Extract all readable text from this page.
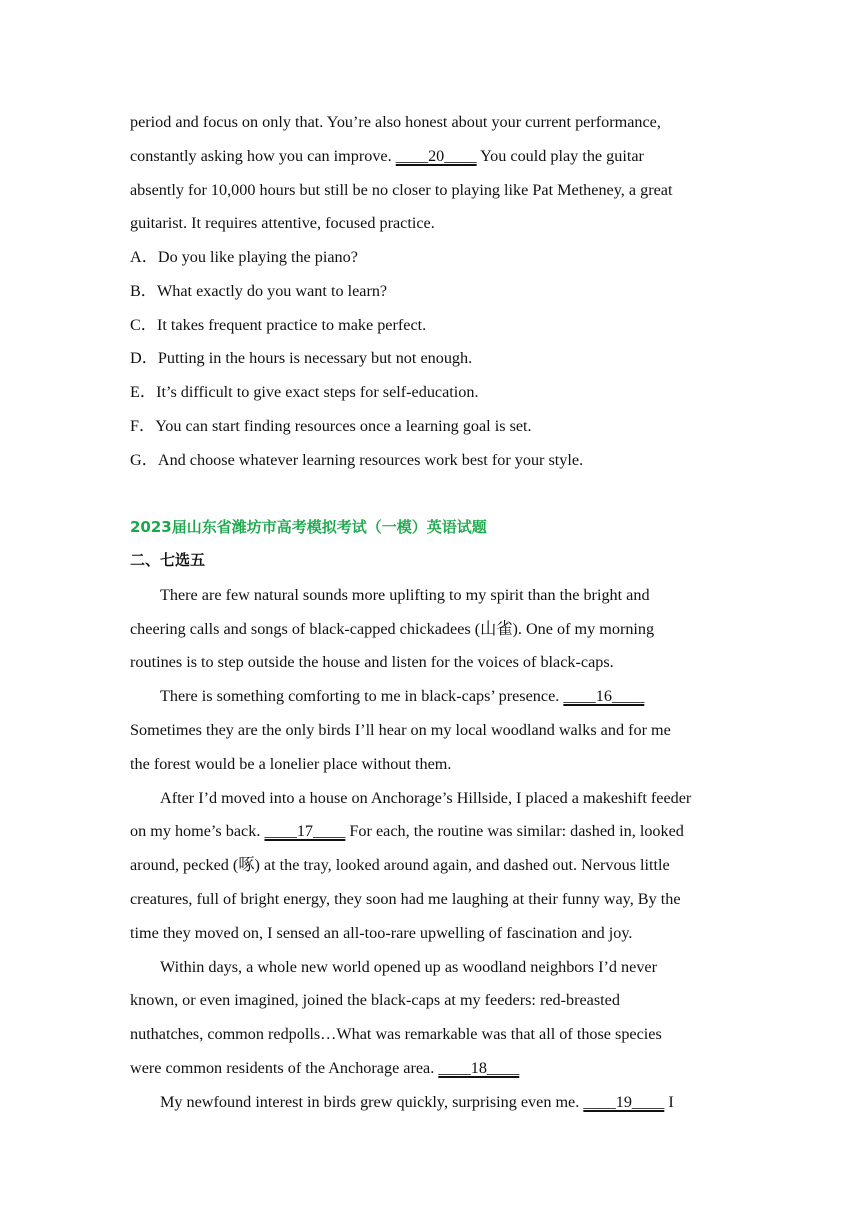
period and focus on only that. You’re also honest about your current performance,
constantly asking how you can improve. ____20____ You could play the guitar
absently for 10,000 hours but still be no closer to playing like Pat Metheney, a great
guitarist. It requires attentive, focused practice.
A．Do you like playing the piano?
B．What exactly do you want to learn?
C．It takes frequent practice to make perfect.
D．Putting in the hours is necessary but not enough.
E．It’s difficult to give exact steps for self-education.
F．You can start finding resources once a learning goal is set.
G．And choose whatever learning resources work best for your style.
2023届山东省潍坊市高考模拟考试（一模）英语试题
二、七选五
There are few natural sounds more uplifting to my spirit than the bright and
cheering calls and songs of black-capped chickadees (山雀). One of my morning
routines is to step outside the house and listen for the voices of black-caps.
There is something comforting to me in black-caps’ presence. ____16____
Sometimes they are the only birds I’ll hear on my local woodland walks and for me
the forest would be a lonelier place without them.
After I’d moved into a house on Anchorage’s Hillside, I placed a makeshift feeder
on my home’s back. ____17____ For each, the routine was similar: dashed in, looked
around, pecked (啄) at the tray, looked around again, and dashed out. Nervous little
creatures, full of bright energy, they soon had me laughing at their funny way, By the
time they moved on, I sensed an all-too-rare upwelling of fascination and joy.
Within days, a whole new world opened up as woodland neighbors I’d never
known, or even imagined, joined the black-caps at my feeders: red-breasted
nuthatches, common redpolls…What was remarkable was that all of those species
were common residents of the Anchorage area. ____18____
My newfound interest in birds grew quickly, surprising even me. ____19____ I
